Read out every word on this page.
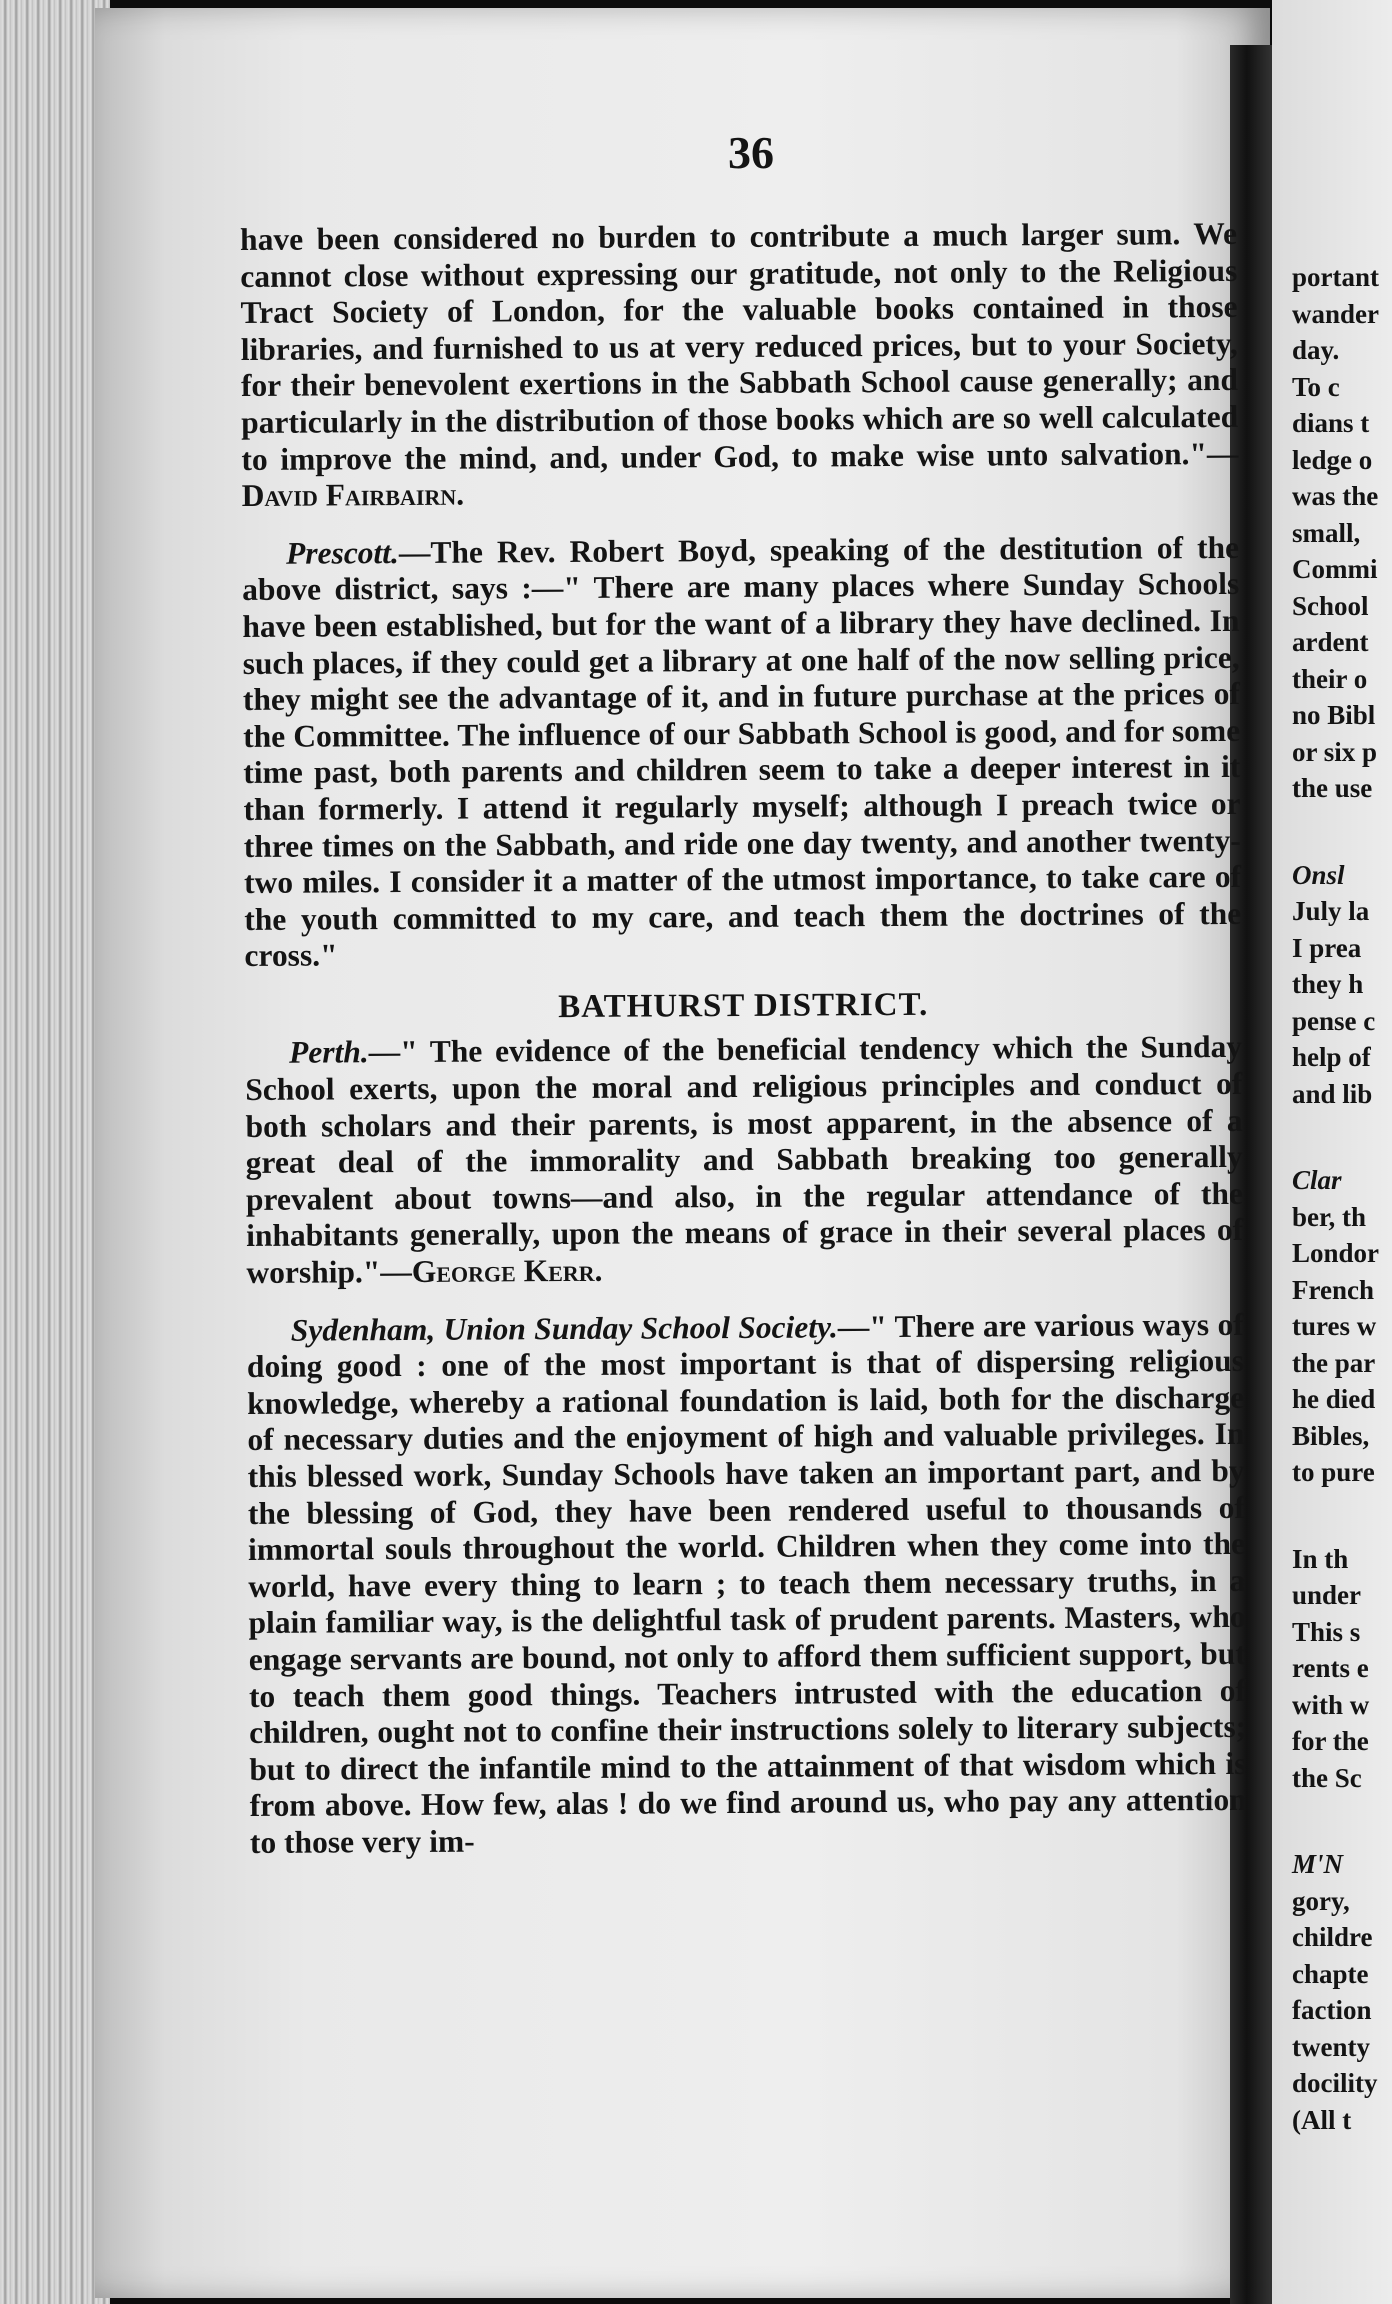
portant
wander
day.
To c
dians t
ledge o
was the
small,
Commi
School
ardent
their o
no Bibl
or six p
the use
Onsl
July la
I prea
they h
pense c
help of
and lib
Clar
ber, th
Londor
French
tures w
the par
he died
Bibles,
to pure
In th
under
This s
rents e
with w
for the
the Sc
M'N
gory,
childre
chapte
faction
twenty
docility
(All t
36

have been considered no burden to contribute a much larger sum. We cannot close without expressing our gratitude, not only to the Religious Tract Society of London, for the valuable books contained in those libraries, and furnished to us at very reduced prices, but to your Society, for their benevolent exertions in the Sabbath School cause generally; and particularly in the distribution of those books which are so well calculated to improve the mind, and, under God, to make wise unto salvation."—David Fairbairn.

Prescott.—The Rev. Robert Boyd, speaking of the destitution of the above district, says :—" There are many places where Sunday Schools have been established, but for the want of a library they have declined. In such places, if they could get a library at one half of the now selling price, they might see the advantage of it, and in future purchase at the prices of the Committee. The influence of our Sabbath School is good, and for some time past, both parents and children seem to take a deeper interest in it than formerly. I attend it regularly myself; although I preach twice or three times on the Sabbath, and ride one day twenty, and another twenty-two miles. I consider it a matter of the utmost importance, to take care of the youth committed to my care, and teach them the doctrines of the cross."

BATHURST DISTRICT.

Perth.—" The evidence of the beneficial tendency which the Sunday School exerts, upon the moral and religious principles and conduct of both scholars and their parents, is most apparent, in the absence of a great deal of the immorality and Sabbath breaking too generally prevalent about towns—and also, in the regular attendance of the inhabitants generally, upon the means of grace in their several places of worship."—George Kerr.

Sydenham, Union Sunday School Society.—" There are various ways of doing good : one of the most important is that of dispersing religious knowledge, whereby a rational foundation is laid, both for the discharge of necessary duties and the enjoyment of high and valuable privileges. In this blessed work, Sunday Schools have taken an important part, and by the blessing of God, they have been rendered useful to thousands of immortal souls throughout the world. Children when they come into the world, have every thing to learn ; to teach them necessary truths, in a plain familiar way, is the delightful task of prudent parents. Masters, who engage servants are bound, not only to afford them sufficient support, but to teach them good things. Teachers intrusted with the education of children, ought not to confine their instructions solely to literary subjects; but to direct the infantile mind to the attainment of that wisdom which is from above. How few, alas ! do we find around us, who pay any attention to those very im-
